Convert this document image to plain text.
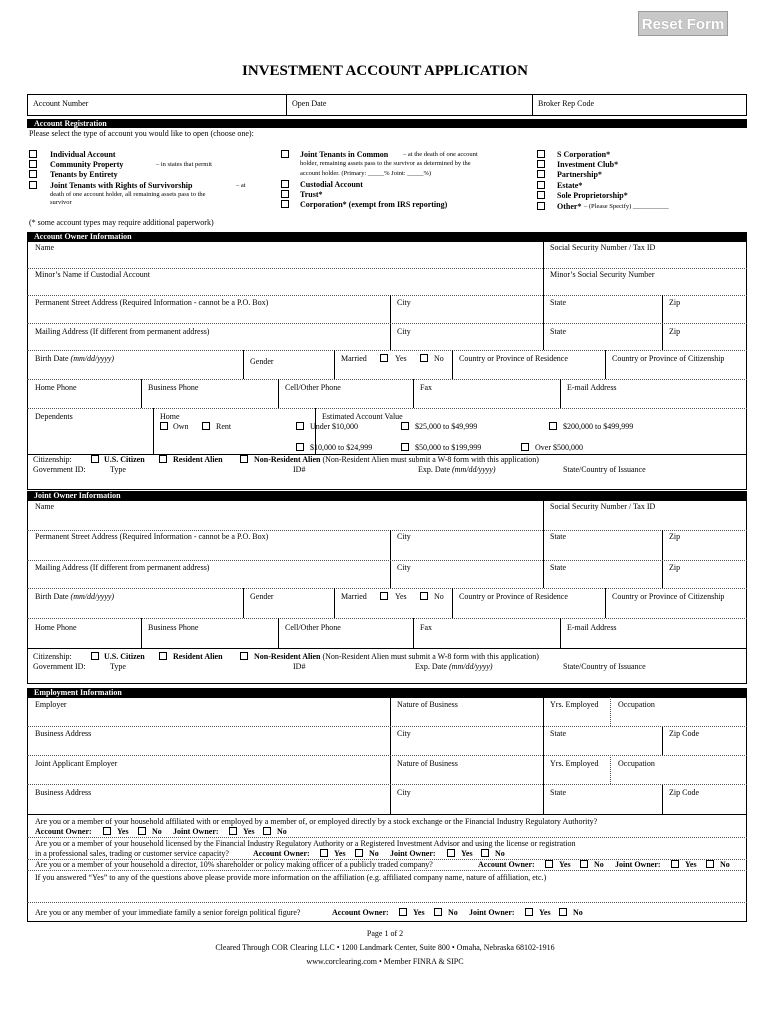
Reset Form
INVESTMENT ACCOUNT APPLICATION
Account Number	Open Date	Broker Rep Code
Account Registration
Please select the type of account you would like to open (choose one):
Individual Account
Community Property	– in states that permit
Tenants by Entirety
Joint Tenants with Rights of Survivorship	– at
death of one account holder, all remaining assets pass to the
survivor
Joint Tenants in Common – at the death of one account
holder, remaining assets pass to the survivor as determined by the
account holder. (Primary: _____% Joint: _____%)
Custodial Account
Trust*
Corporation* (exempt from IRS reporting)
S Corporation*
Investment Club*
Partnership*
Estate*
Sole Proprietorship*
Other* – (Please Specify) ___________
(* some account types may require additional paperwork)
Account Owner Information
Name	Social Security Number / Tax ID
Minor’s Name if Custodial Account	Minor’s Social Security Number
Permanent Street Address (Required Information - cannot be a P.O. Box)	City	State	Zip
Mailing Address (If different from permanent address)	City	State	Zip
Birth Date (mm/dd/yyyy)	Gender	Married	Yes	No Country or Province of Residence	Country or Province of Citizenship
Home Phone	Business Phone	Cell/Other Phone	Fax	E-mail Address
Dependents	Home
Own	Rent
Estimated Account Value
Under $10,000	$25,000 to $49,999	$200,000 to $499,999
$10,000 to $24,999	$50,000 to $199,999	Over $500,000
Citizenship:	U.S. Citizen	Resident Alien	Non-Resident Alien (Non-Resident Alien must submit a W-8 form with this application)
Government ID:	Type	ID#	Exp. Date (mm/dd/yyyy)	State/Country of Issuance
Joint Owner Information
Name	Social Security Number / Tax ID
Permanent Street Address (Required Information - cannot be a P.O. Box)	City	State	Zip
Mailing Address (If different from permanent address)	City	State	Zip
Birth Date (mm/dd/yyyy)	Gender	Married	Yes	No Country or Province of Residence	Country or Province of Citizenship
Home Phone	Business Phone	Cell/Other Phone	Fax	E-mail Address
Citizenship:	U.S. Citizen	Resident Alien	Non-Resident Alien (Non-Resident Alien must submit a W-8 form with this application)
Government ID:	Type	ID#	Exp. Date (mm/dd/yyyy)	State/Country of Issuance
Employment Information
Employer	Nature of Business	Yrs. Employed Occupation
Business Address	City	State	Zip Code
Joint Applicant Employer	Nature of Business	Yrs. Employed Occupation
Business Address	City	State	Zip Code
Are you or a member of your household affiliated with or employed by a member of, or employed directly by a stock exchange or the Financial Industry Regulatory Authority?
Account Owner:	Yes	No Joint Owner:	Yes	No
Are you or a member of your household licensed by the Financial Industry Regulatory Authority or a Registered Investment Advisor and using the license or registration
in a professional sales, trading or customer service capacity?	Account Owner:	Yes	No Joint Owner:	Yes	No
Are you or a member of your household a director, 10% shareholder or policy making officer of a publicly traded company?	Account Owner:	Yes	No Joint Owner:	Yes	No
If you answered “Yes” to any of the questions above please provide more information on the affiliation (e.g. affiliated company name, nature of affiliation, etc.)
Are you or any member of your immediate family a senior foreign political figure?	Account Owner:	Yes	No Joint Owner:	Yes	No
Page 1 of 2
Cleared Through COR Clearing LLC • 1200 Landmark Center, Suite 800 • Omaha, Nebraska 68102-1916
www.corclearing.com • Member FINRA & SIPC
